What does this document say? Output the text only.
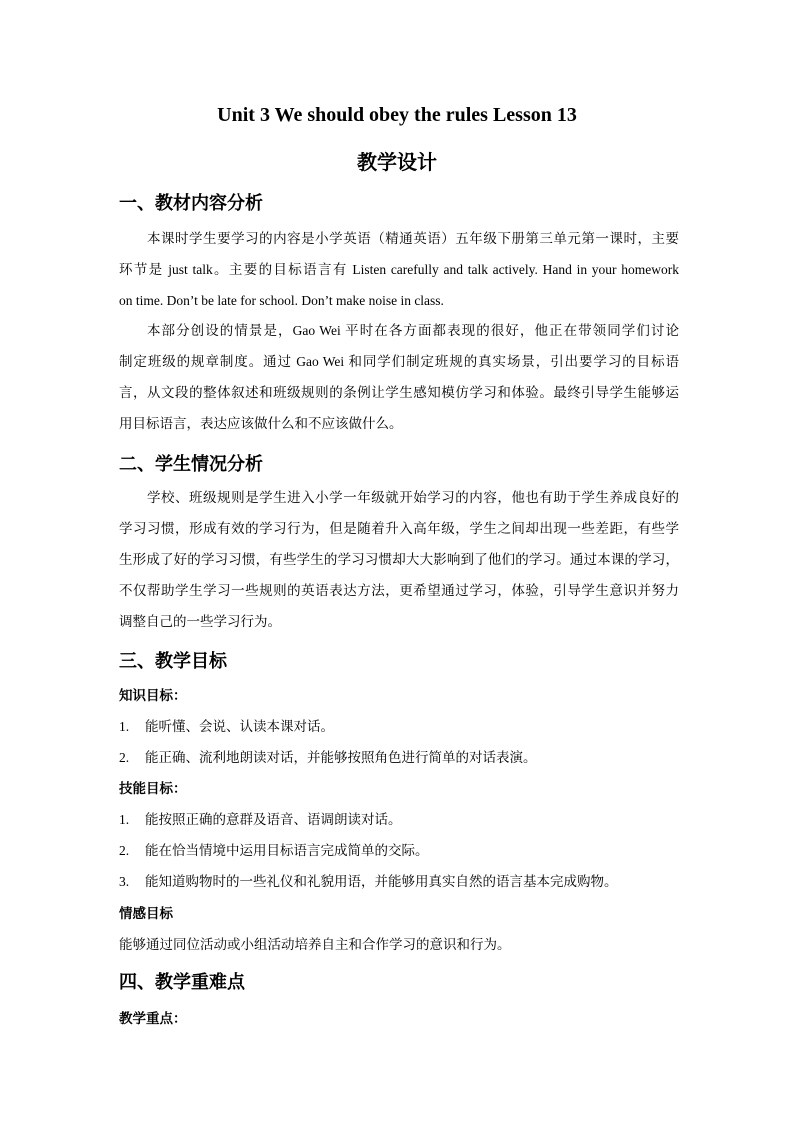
Unit 3 We should obey the rules Lesson 13
教学设计
一、教材内容分析
本课时学生要学习的内容是小学英语（精通英语）五年级下册第三单元第一课时，主要
环节是 just talk。主要的目标语言有 Listen carefully and talk actively. Hand in your homework
on time. Don’t be late for school. Don’t make noise in class.
本部分创设的情景是，Gao Wei 平时在各方面都表现的很好，他正在带领同学们讨论
制定班级的规章制度。通过 Gao Wei 和同学们制定班规的真实场景，引出要学习的目标语
言，从文段的整体叙述和班级规则的条例让学生感知模仿学习和体验。最终引导学生能够运
用目标语言，表达应该做什么和不应该做什么。
二、学生情况分析
学校、班级规则是学生进入小学一年级就开始学习的内容，他也有助于学生养成良好的
学习习惯，形成有效的学习行为，但是随着升入高年级，学生之间却出现一些差距，有些学
生形成了好的学习习惯，有些学生的学习习惯却大大影响到了他们的学习。通过本课的学习，
不仅帮助学生学习一些规则的英语表达方法，更希望通过学习，体验，引导学生意识并努力
调整自己的一些学习行为。
三、教学目标
知识目标：
1. 能听懂、会说、认读本课对话。
2. 能正确、流利地朗读对话，并能够按照角色进行简单的对话表演。
技能目标：
1. 能按照正确的意群及语音、语调朗读对话。
2. 能在恰当情境中运用目标语言完成简单的交际。
3. 能知道购物时的一些礼仪和礼貌用语，并能够用真实自然的语言基本完成购物。
情感目标
能够通过同位活动或小组活动培养自主和合作学习的意识和行为。
四、教学重难点
教学重点：
